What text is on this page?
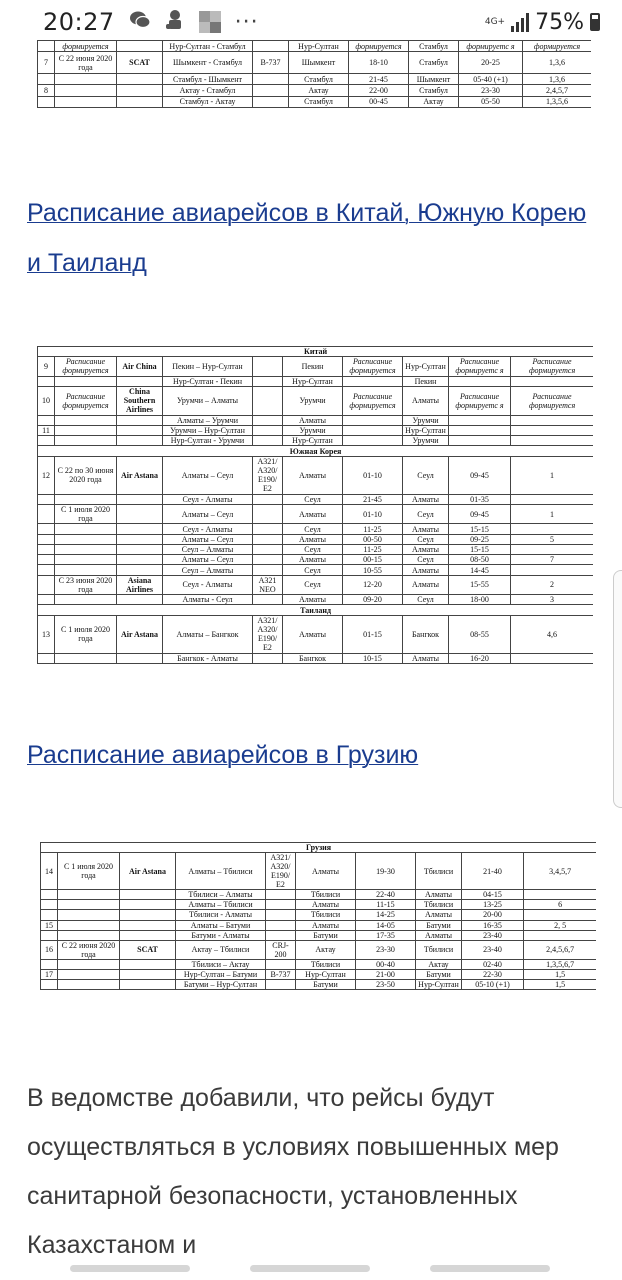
20:27	···	4G+ 75%
	формируется		Нур-Султан - Стамбул		Нур-Султан	формируется	Стамбул	формируетс я	формируется
7	С 22 июня 2020 года	SCAT	Шымкент - Стамбул	B-737	Шымкент	18-10	Стамбул	20-25	1,3,6
			Стамбул - Шымкент		Стамбул	21-45	Шымкент	05-40 (+1)	1,3,6
8			Актау - Стамбул		Актау	22-00	Стамбул	23-30	2,4,5,7
			Стамбул - Актау		Стамбул	00-45	Актау	05-50	1,3,5,6
Расписание авиарейсов в Китай, Южную Корею и Таиланд
Китай									
9	Расписание формируется	Air China	Пекин – Нур-Султан		Пекин	Расписание формируется	Нур-Султан	Расписание формируетс я	Расписание формируется
			Нур-Султан - Пекин		Нур-Султан		Пекин		
10	Расписание формируется	China Southern Airlines	Урумчи – Алматы		Урумчи	Расписание формируется	Алматы	Расписание формируетс я	Расписание формируется
			Алматы – Урумчи		Алматы		Урумчи		
11			Урумчи – Нур-Султан		Урумчи		Нур-Султан		
			Нур-Султан - Урумчи		Нур-Султан		Урумчи		
Южная Корея									
12	С 22 по 30 июня 2020 года	Air Astana	Алматы – Сеул	A321/ A320/ E190/ E2	Алматы	01-10	Сеул	09-45	1
			Сеул - Алматы		Сеул	21-45	Алматы	01-35	
	С 1 июля 2020 года		Алматы – Сеул		Алматы	01-10	Сеул	09-45	1
			Сеул - Алматы		Сеул	11-25	Алматы	15-15	
			Алматы – Сеул		Алматы	00-50	Сеул	09-25	5
			Сеул – Алматы		Сеул	11-25	Алматы	15-15	
			Алматы – Сеул		Алматы	00-15	Сеул	08-50	7
			Сеул – Алматы		Сеул	10-55	Алматы	14-45	
	С 23 июня 2020 года	Asiana Airlines	Сеул - Алматы	A321 NEO	Сеул	12-20	Алматы	15-55	2
			Алматы - Сеул		Алматы	09-20	Сеул	18-00	3
Таиланд									
13	С 1 июля 2020 года	Air Astana	Алматы – Бангкок	A321/ A320/ E190/ E2	Алматы	01-15	Бангкок	08-55	4,6
			Бангкок - Алматы		Бангкок	10-15	Алматы	16-20	
Расписание авиарейсов в Грузию
Грузия									
14	С 1 июля 2020 года	Air Astana	Алматы – Тбилиси	A321/ A320/ E190/ E2	Алматы	19-30	Тбилиси	21-40	3,4,5,7
			Тбилиси – Алматы		Тбилиси	22-40	Алматы	04-15	
			Алматы – Тбилиси		Алматы	11-15	Тбилиси	13-25	6
			Тбилиси - Алматы		Тбилиси	14-25	Алматы	20-00	
15			Алматы – Батуми		Алматы	14-05	Батуми	16-35	2, 5
			Батуми - Алматы		Батуми	17-35	Алматы	23-40	
16	С 22 июня 2020 года	SCAT	Актау – Тбилиси	CRJ-200	Актау	23-30	Тбилиси	23-40	2,4,5,6,7
			Тбилиси – Актау		Тбилиси	00-40	Актау	02-40	1,3,5,6,7
17			Нур-Султан – Батуми	B-737	Нур-Султан	21-00	Батуми	22-30	1,5
			Батуми – Нур-Султан		Батуми	23-50	Нур-Султан	05-10 (+1)	1,5
В ведомстве добавили, что рейсы будут осуществляться в условиях повышенных мер санитарной безопасности, установленных Казахстаном и
